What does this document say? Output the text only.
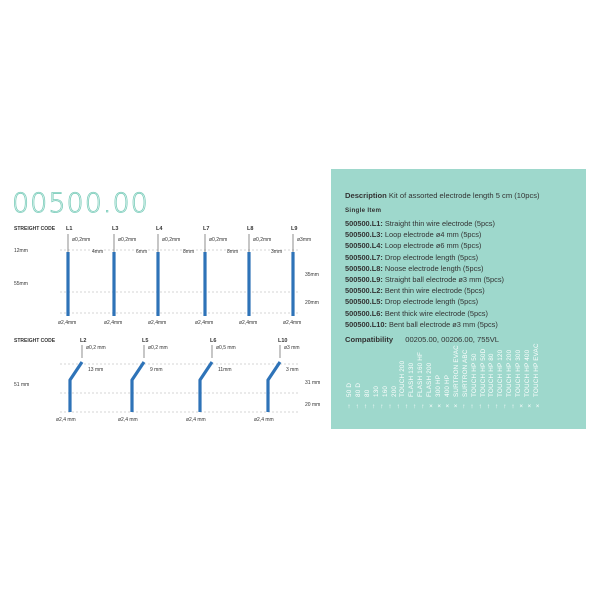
00500.00
STREIGHT CODE
12mm
55mm
35mm
20mm
L1
ø0,2mm
ø2,4mm
L3
ø0,2mm
4mm
ø2,4mm
L4
ø0,2mm
6mm
ø2,4mm
L7
ø0,2mm
8mm
ø2,4mm
L8
ø0,2mm
8mm
ø2,4mm
L9
ø3mm
3mm
ø2,4mm
STREIGHT CODE
51 mm	31 mm
20 mm
L2
ø0,2 mm
13 mm
ø2,4 mm
L5
ø0,2 mm
9 mm
ø2,4 mm
L6
ø0,5 mm
11mm
ø2,4 mm
L10
ø3 mm
3 mm
ø2,4 mm
Description Kit of assorted electrode length 5 cm (10pcs)
Single Item
500500.L1: Straight thin wire electrode (5pcs)
500500.L3: Loop electrode ø4 mm (5pcs)
500500.L4: Loop electrode ø6 mm (5pcs)
500500.L7: Drop electrode length (5pcs)
500500.L8: Noose electrode length (5pcs)
500500.L9: Straight ball electrode ø3 mm (5pcs)
500500.L2: Bent thin wire electrode (5pcs)
500500.L5: Drop electrode length (5pcs)
500500.L6: Bent thick wire electrode (5pcs)
500500.L10: Bent ball electrode ø3 mm (5pcs)
Compatibility 00205.00, 00206.00, 755VL
50 D 80 D 80 130 160 200 TOUCH 200 FLASH 130 FLASH 160 HF FLASH 200 300 HP 400 HP SURTRON EVAC SURTRON ABC TOUCH HP 50 TOUCH HP 50D TOUCH HP 80 TOUCH HP 120 TOUCH HP 200 TOUCH HP 300 TOUCH HP 400 TOUCH HP EVAC
↑ ↑ ↑ ↑ ↑ ↑ ↑ ↑ ↑ ↑ × × × × ↑ ↑ ↑ ↑ ↑ ↑ ↑ × × ×
